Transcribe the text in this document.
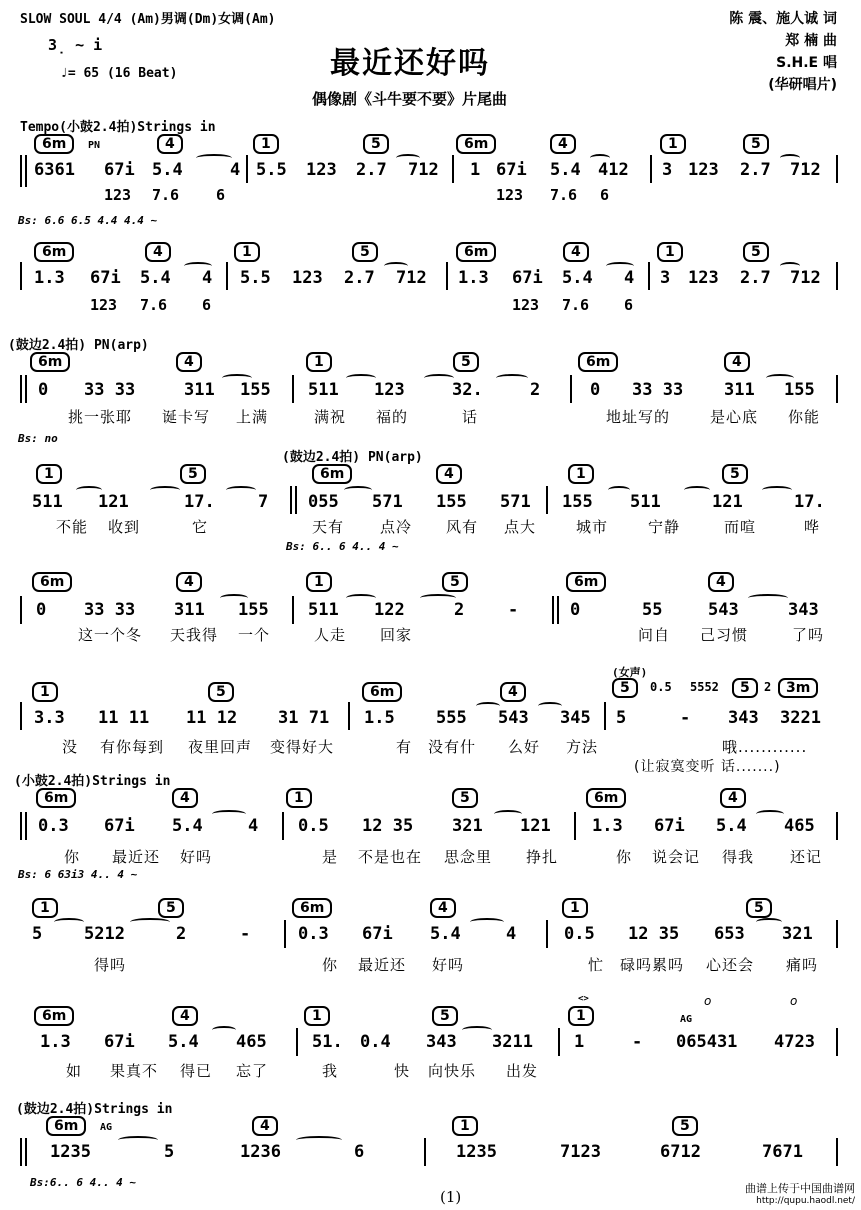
SLOW SOUL 4/4 (Am)男调(Dm)女调(Am)
3̣ ~ i
♩= 65 (16 Beat)	最近还好吗
偶像剧《斗牛要不要》片尾曲
陈 震、施人诚 词
郑 楠 曲
S.H.E 唱
(华研唱片)
Tempo(小鼓2.4拍)Strings in
PN
6m	4	1	5	6m	4	1	5
6361 67i 5.4	4 5.5 123 2.7 712 1 67i 5.4 412 3 123 2.7 712
123 7.6 6	123 7.6 6
Bs: 6.6 6.5 4.4 4.4 ~
6m	4	1	5	6m	4	1	5
1.3 67i 5.4 4 5.5 123 2.7 712 1.3 67i 5.4 4 3 123 2.7 712
123 7.6 6	123 7.6 6
(鼓边2.4拍) PN(arp)
6m	4	1	5	6m	4
0 33 33	311 155 511 123	32.	2	0 33 33 311 155
挑一张耶 诞卡写 上满	满祝 福的	话	地址写的	是心底 你能
Bs: no
(鼓边2.4拍) PN(arp)
1	5	6m	4	1	5
511 121	17.	7 055 571 155 571 155 511	121	17.
不能 收到	它	天有 点冷 风有 点大	城市	宁静	而喧	哗
Bs: 6.. 6 4.. 4 ~
6m	4	1	5	6m	4
0 33 33 311 155 511 122	2	-	0	55	543	343
这一个冬 天我得 一个	人走 回家	问自 己习惯	了吗
(女声)
1	5	6m	4	5	5	3m
0.5 5552	2
3.3 11 11 11 12 31 71 1.5 555 543 345 5	- 343 3221
没 有你每到 夜里回声 变得好大	有 没有什 么好 方法	哦............
(让寂寞变听 话.......)
(小鼓2.4拍)Strings in
6m	4	1	5	6m	4
0.3 67i 5.4	4 0.5 12 35 321 121 1.3 67i 5.4 465
你 最近还 好吗	是 不是也在 思念里 挣扎	你 说会记 得我 还记
Bs: 6 63i3 4.. 4 ~
1	5	6m	4	1	5
5 5212	2	-	0.3 67i 5.4	4	0.5 12 35 653 321
得吗	你 最近还 好吗	忙 碌吗累吗 心还会 痛吗
6m	4	1	5	1	AG
<>	o	o
1.3 67i 5.4 465	51. 0.4 343 3211 1	- 065431 4723
如 果真不 得已 忘了	我	快 向快乐 出发
(鼓边2.4拍)Strings in
6m	AG	4	1	5
1235	5	1236	6	1235	7123	6712	7671
Bs:6.. 6 4.. 4 ~
(1)	曲谱上传于中国曲谱网
http://qupu.haodl.net/
